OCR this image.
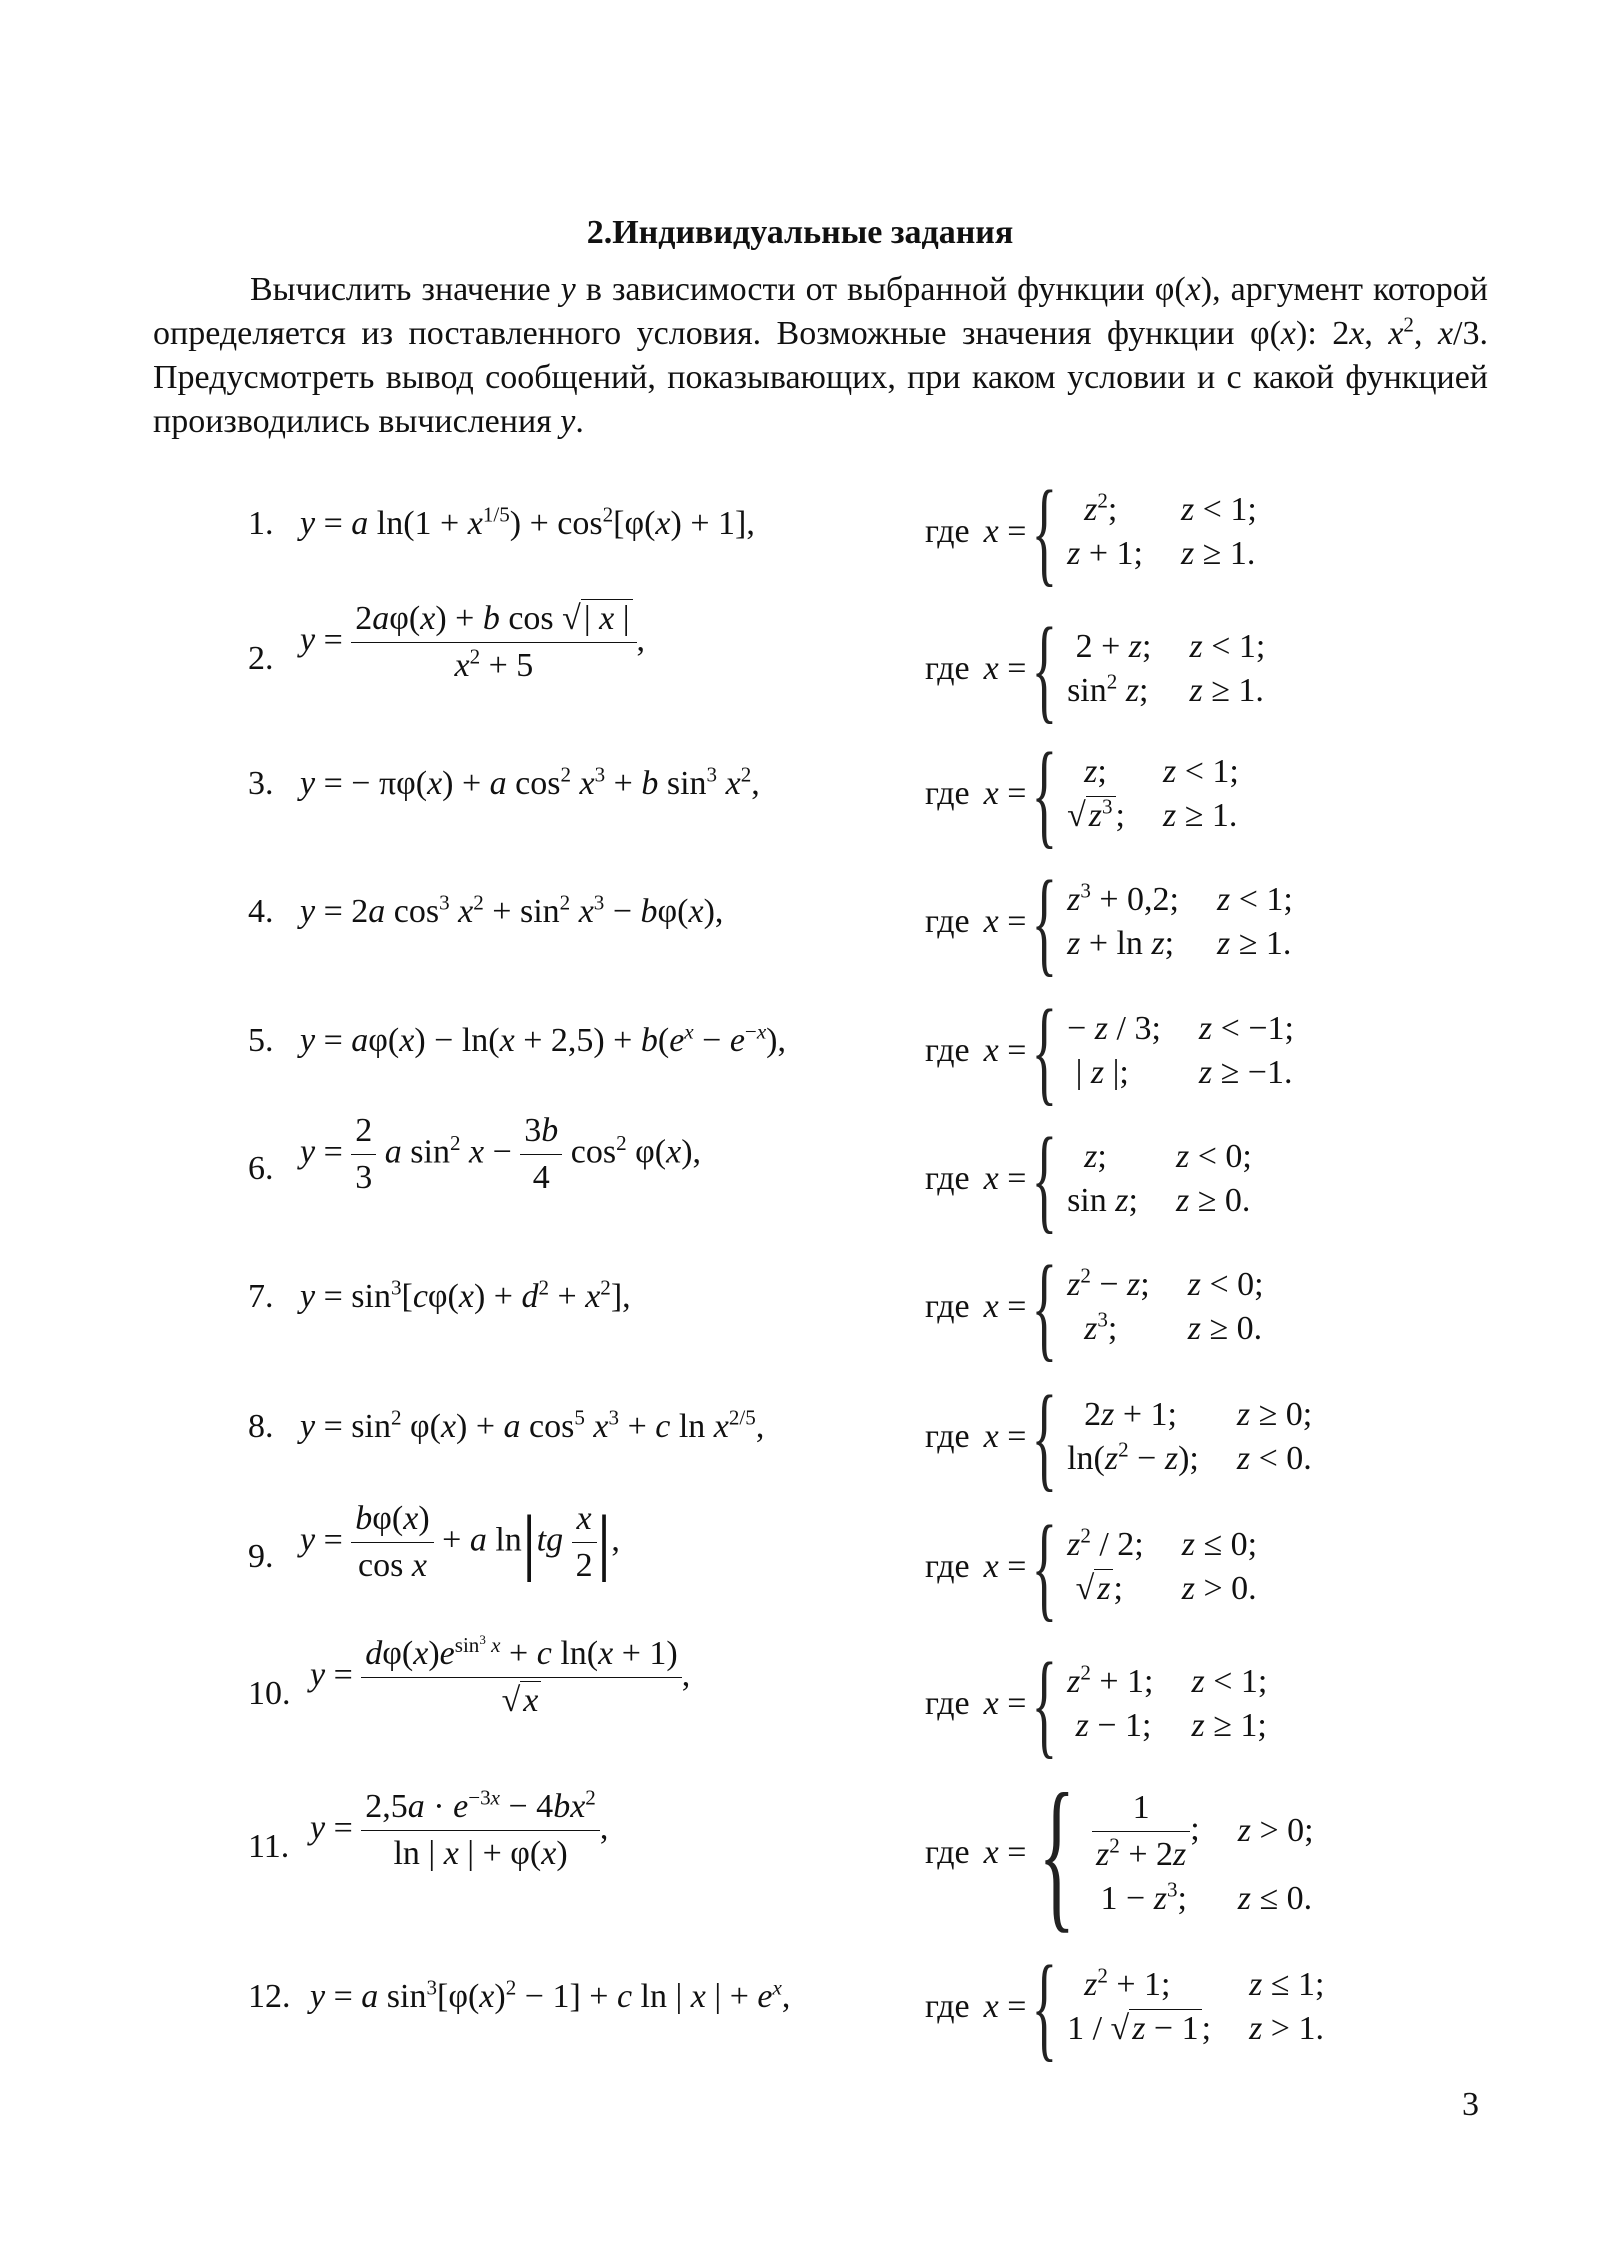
2.Индивидуальные задания

Вычислить значение y в зависимости от выбранной функции φ(x), аргумент которой определяется из поставленного условия. Возможные значения функции φ(x): 2x, $x^2$, x/3. Предусмотреть вывод сообщений, показывающих, при каком условии и с какой функцией производились вычисления y.

1. y = a $\ln(1 + x^{1/5}) + \cos^2[\varphi(x) + 1]$,	где x = { $z^2$;	z < 1;
z + 1; z ≥ 1.
2.
$y = \frac{\text{2aφ(x) + b cos √| x |}}{x^2 + 5}$ ,
где x = { 2 + z; z < 1;
$\sin^2 z$; z ≥ 1.
3. y = − πφ(x) + a $\cos^2 x^3 + b$ $\sin^3 x^2$,	где x = { z;	z < 1;
$√z^3$; z ≥ 1.
4. y = 2a $\cos^3 x^2 + \sin^2 x^3 - b\varphi(x)$,	где x = { $z^3 + 0,2$; z < 1;
z + ln z; z ≥ 1.
5. $y = a\varphi(x) - \ln(x + 2,5) + b(e^x - e^{-x})$,	где x = { − z / 3; z < −1;
| z |;	z ≥ −1.
6. $y = \frac{2}{3}$ a $\sin^2 x - \frac{3b}{4} \cos^2 \varphi(x)$,
где x = { z;	z < 0;
sin z; z ≥ 0.
7. $y = \sin^3[c\varphi(x) + d^2 + x^2]$,	где x = { $z^2 - z$; z < 0;
$z^3$;	z ≥ 0.
8. $y = \sin^2 \varphi(x) + a$ $\cos^5 x^3 + c$ $\ln x^{2/5}$,	где x = { 2z + 1;	z ≥ 0;
$\ln(z^2 - z)$; z < 0.
9. $y = \frac{b\varphi(x)}{\text{cos x}} + a$ $\ln|tg \frac{x}{2}$ |,
где x = { $z^2 / 2$; z ≤ 0;
√z;	z > 0.
10.
$y = \frac{d\varphi(x)e^{sin^3 x} + c \ln(x + 1)}{√x}$ ,
где x = { $z^2 + 1$; z < 1;
z − 1; z ≥ 1;
11.
$y = \frac{2,5a \cdot e^{-3x} - 4bx^2}{\ln | x | + \varphi(x)}$ ,
где x = { $\frac{1}{z^2 + 2z}$ ; z > 0;
$1 - z^3$;	z ≤ 0.
12. y = a $\sin^3[\varphi(x)^2 - 1] + c$ ln | x | + $e^x$,	где x = { $z^2 + 1$;	z ≤ 1;
1 / √z − 1; z > 1.
3
